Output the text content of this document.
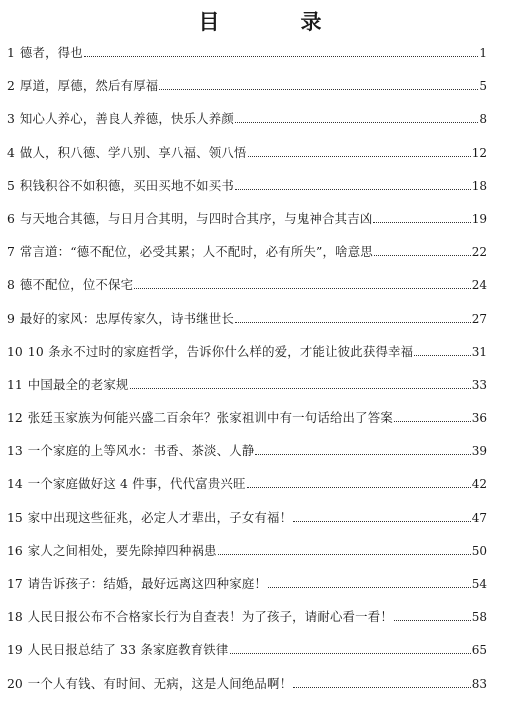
目　录
1 德者，得也	1
2 厚道，厚德，然后有厚福	5
3 知心人养心，善良人养德，快乐人养颜	8
4 做人，积八德、学八别、享八福、领八悟	12
5 积钱积谷不如积德，买田买地不如买书	18
6 与天地合其德，与日月合其明，与四时合其序，与鬼神合其吉凶	19
7 常言道：“德不配位，必受其累；人不配时，必有所失”，啥意思	22
8 德不配位，位不保宅	24
9 最好的家风：忠厚传家久，诗书继世长	27
10 10 条永不过时的家庭哲学，告诉你什么样的爱，才能让彼此获得幸福	31
11 中国最全的老家规	33
12 张廷玉家族为何能兴盛二百余年？张家祖训中有一句话给出了答案	36
13 一个家庭的上等风水：书香、茶淡、人静	39
14 一个家庭做好这 4 件事，代代富贵兴旺	42
15 家中出现这些征兆，必定人才辈出，子女有福！	47
16 家人之间相处，要先除掉四种祸患	50
17 请告诉孩子：结婚，最好远离这四种家庭！	54
18 人民日报公布不合格家长行为自查表！为了孩子，请耐心看一看！	58
19 人民日报总结了 33 条家庭教育铁律	65
20 一个人有钱、有时间、无病，这是人间绝品啊！	83
